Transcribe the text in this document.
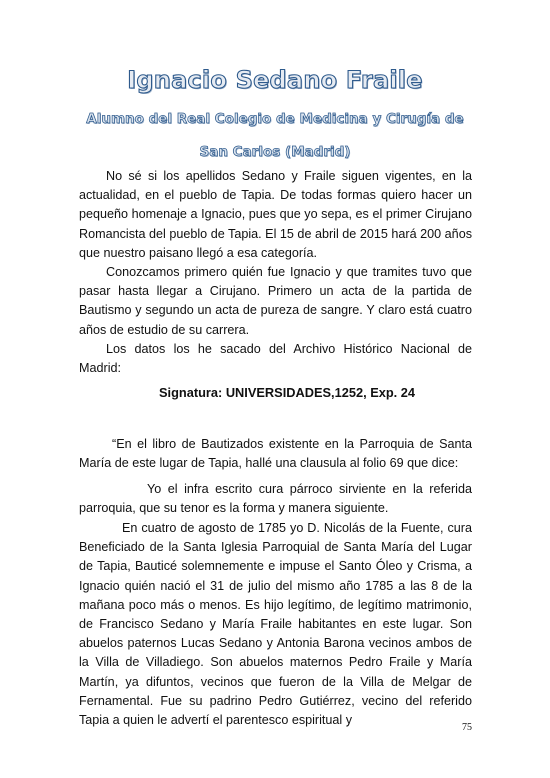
Ignacio Sedano Fraile
Alumno del Real Colegio de Medicina y Cirugía de
San Carlos (Madrid)

No sé si los apellidos Sedano y Fraile siguen vigentes, en la actualidad, en el pueblo de Tapia. De todas formas quiero hacer un pequeño homenaje a Ignacio, pues que yo sepa, es el primer Cirujano Romancista del pueblo de Tapia. El 15 de abril de 2015 hará 200 años que nuestro paisano llegó a esa categoría.

Conozcamos primero quién fue Ignacio y que tramites tuvo que pasar hasta llegar a Cirujano. Primero un acta de la partida de Bautismo y segundo un acta de pureza de sangre. Y claro está cuatro años de estudio de su carrera.

Los datos los he sacado del Archivo Histórico Nacional de Madrid:

Signatura: UNIVERSIDADES,1252, Exp. 24

“En el libro de Bautizados existente en la Parroquia de Santa María de este lugar de Tapia, hallé una clausula al folio 69 que dice:

Yo el infra escrito cura párroco sirviente en la referida parroquia, que su tenor es la forma y manera siguiente.

En cuatro de agosto de 1785 yo D. Nicolás de la Fuente, cura Beneficiado de la Santa Iglesia Parroquial de Santa María del Lugar de Tapia, Bauticé solemnemente e impuse el Santo Óleo y Crisma, a Ignacio quién nació el 31 de julio del mismo año 1785 a las 8 de la mañana poco más o menos. Es hijo legítimo, de legítimo matrimonio, de Francisco Sedano y María Fraile habitantes en este lugar. Son abuelos paternos Lucas Sedano y Antonia Barona vecinos ambos de la Villa de Villadiego. Son abuelos maternos Pedro Fraile y María Martín, ya difuntos, vecinos que fueron de la Villa de Melgar de Fernamental. Fue su padrino Pedro Gutiérrez, vecino del referido Tapia a quien le advertí el parentesco espiritual y

75
